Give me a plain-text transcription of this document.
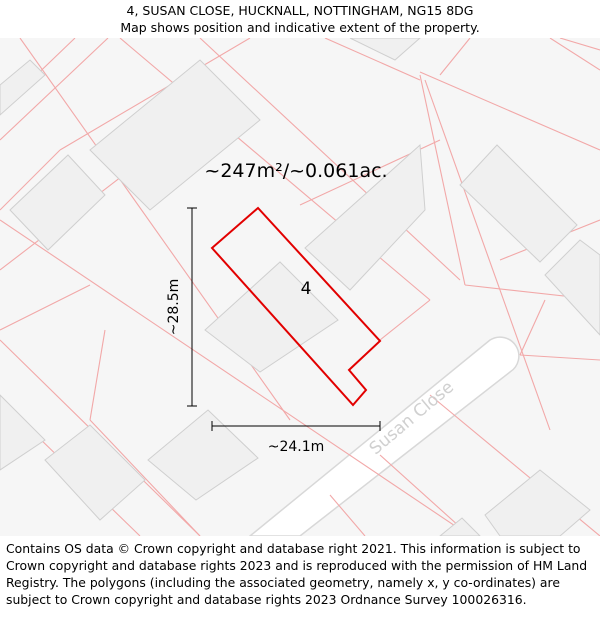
4, SUSAN CLOSE, HUCKNALL, NOTTINGHAM, NG15 8DG
Map shows position and indicative extent of the property.
~247m²/~0.061ac.
4
~28.5m
~24.1m Susan Close
Contains OS data © Crown copyright and database right 2021. This information is subject to Crown copyright and database rights 2023 and is reproduced with the permission of HM Land Registry. The polygons (including the associated geometry, namely x, y co-ordinates) are subject to Crown copyright and database rights 2023 Ordnance Survey 100026316.
